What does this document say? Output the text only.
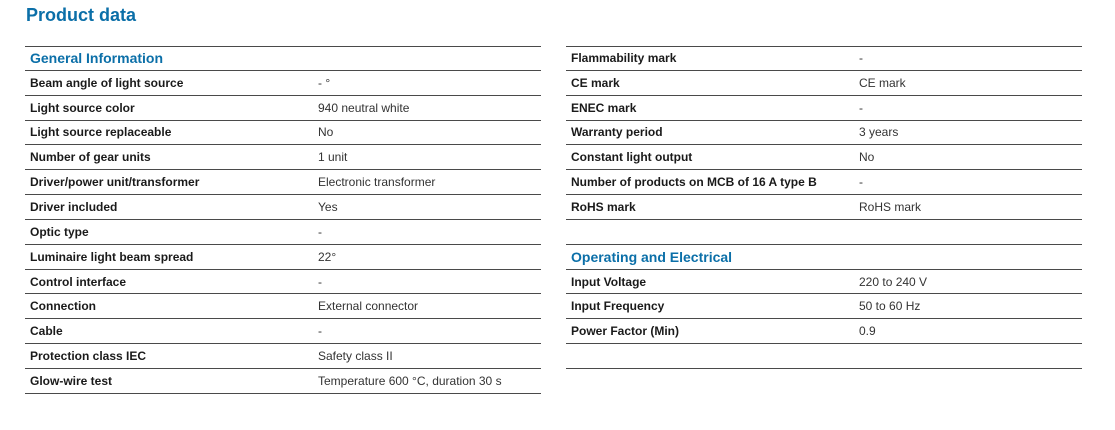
Product data
General Information
Beam angle of light source	- °
Light source color	940 neutral white
Light source replaceable	No
Number of gear units	1 unit
Driver/power unit/transformer	Electronic transformer
Driver included	Yes
Optic type	-
Luminaire light beam spread	22°
Control interface	-
Connection	External connector
Cable	-
Protection class IEC	Safety class II
Glow-wire test	Temperature 600 °C, duration 30 s
Flammability mark	-
CE mark	CE mark
ENEC mark	-
Warranty period	3 years
Constant light output	No
Number of products on MCB of 16 A type B	-
RoHS mark	RoHS mark
Operating and Electrical
Input Voltage	220 to 240 V
Input Frequency	50 to 60 Hz
Power Factor (Min)	0.9
